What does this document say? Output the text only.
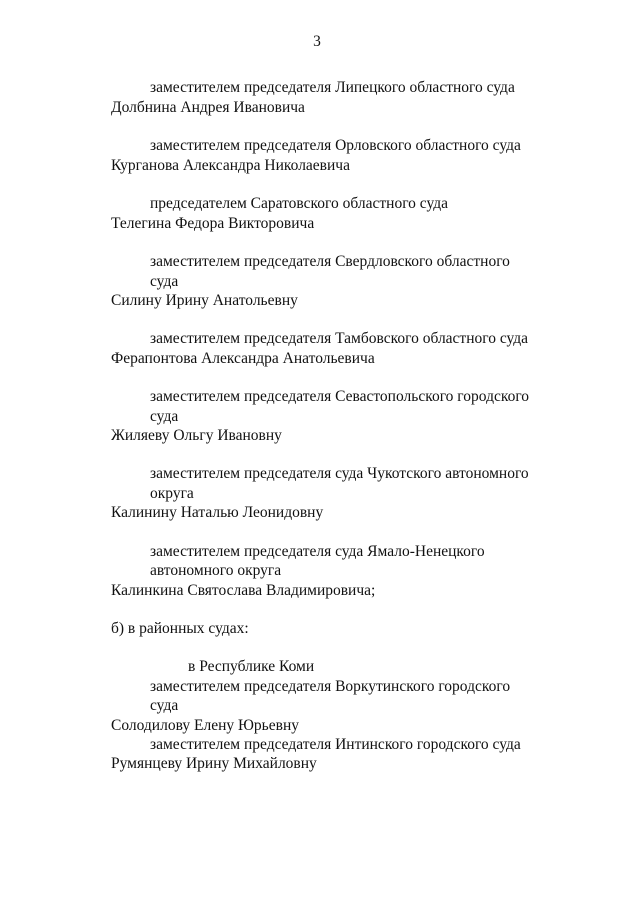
3
заместителем председателя Липецкого областного суда
Долбнина Андрея Ивановича
заместителем председателя Орловского областного суда
Курганова Александра Николаевича
председателем Саратовского областного суда
Телегина Федора Викторовича
заместителем председателя Свердловского областного
суда
Силину Ирину Анатольевну
заместителем председателя Тамбовского областного суда
Ферапонтова Александра Анатольевича
заместителем председателя Севастопольского городского
суда
Жиляеву Ольгу Ивановну
заместителем председателя суда Чукотского автономного
округа
Калинину Наталью Леонидовну
заместителем председателя суда Ямало-Ненецкого
автономного округа
Калинкина Святослава Владимировича;
б) в районных судах:
в Республике Коми
заместителем председателя Воркутинского городского
суда
Солодилову Елену Юрьевну
заместителем председателя Интинского городского суда
Румянцеву Ирину Михайловну
